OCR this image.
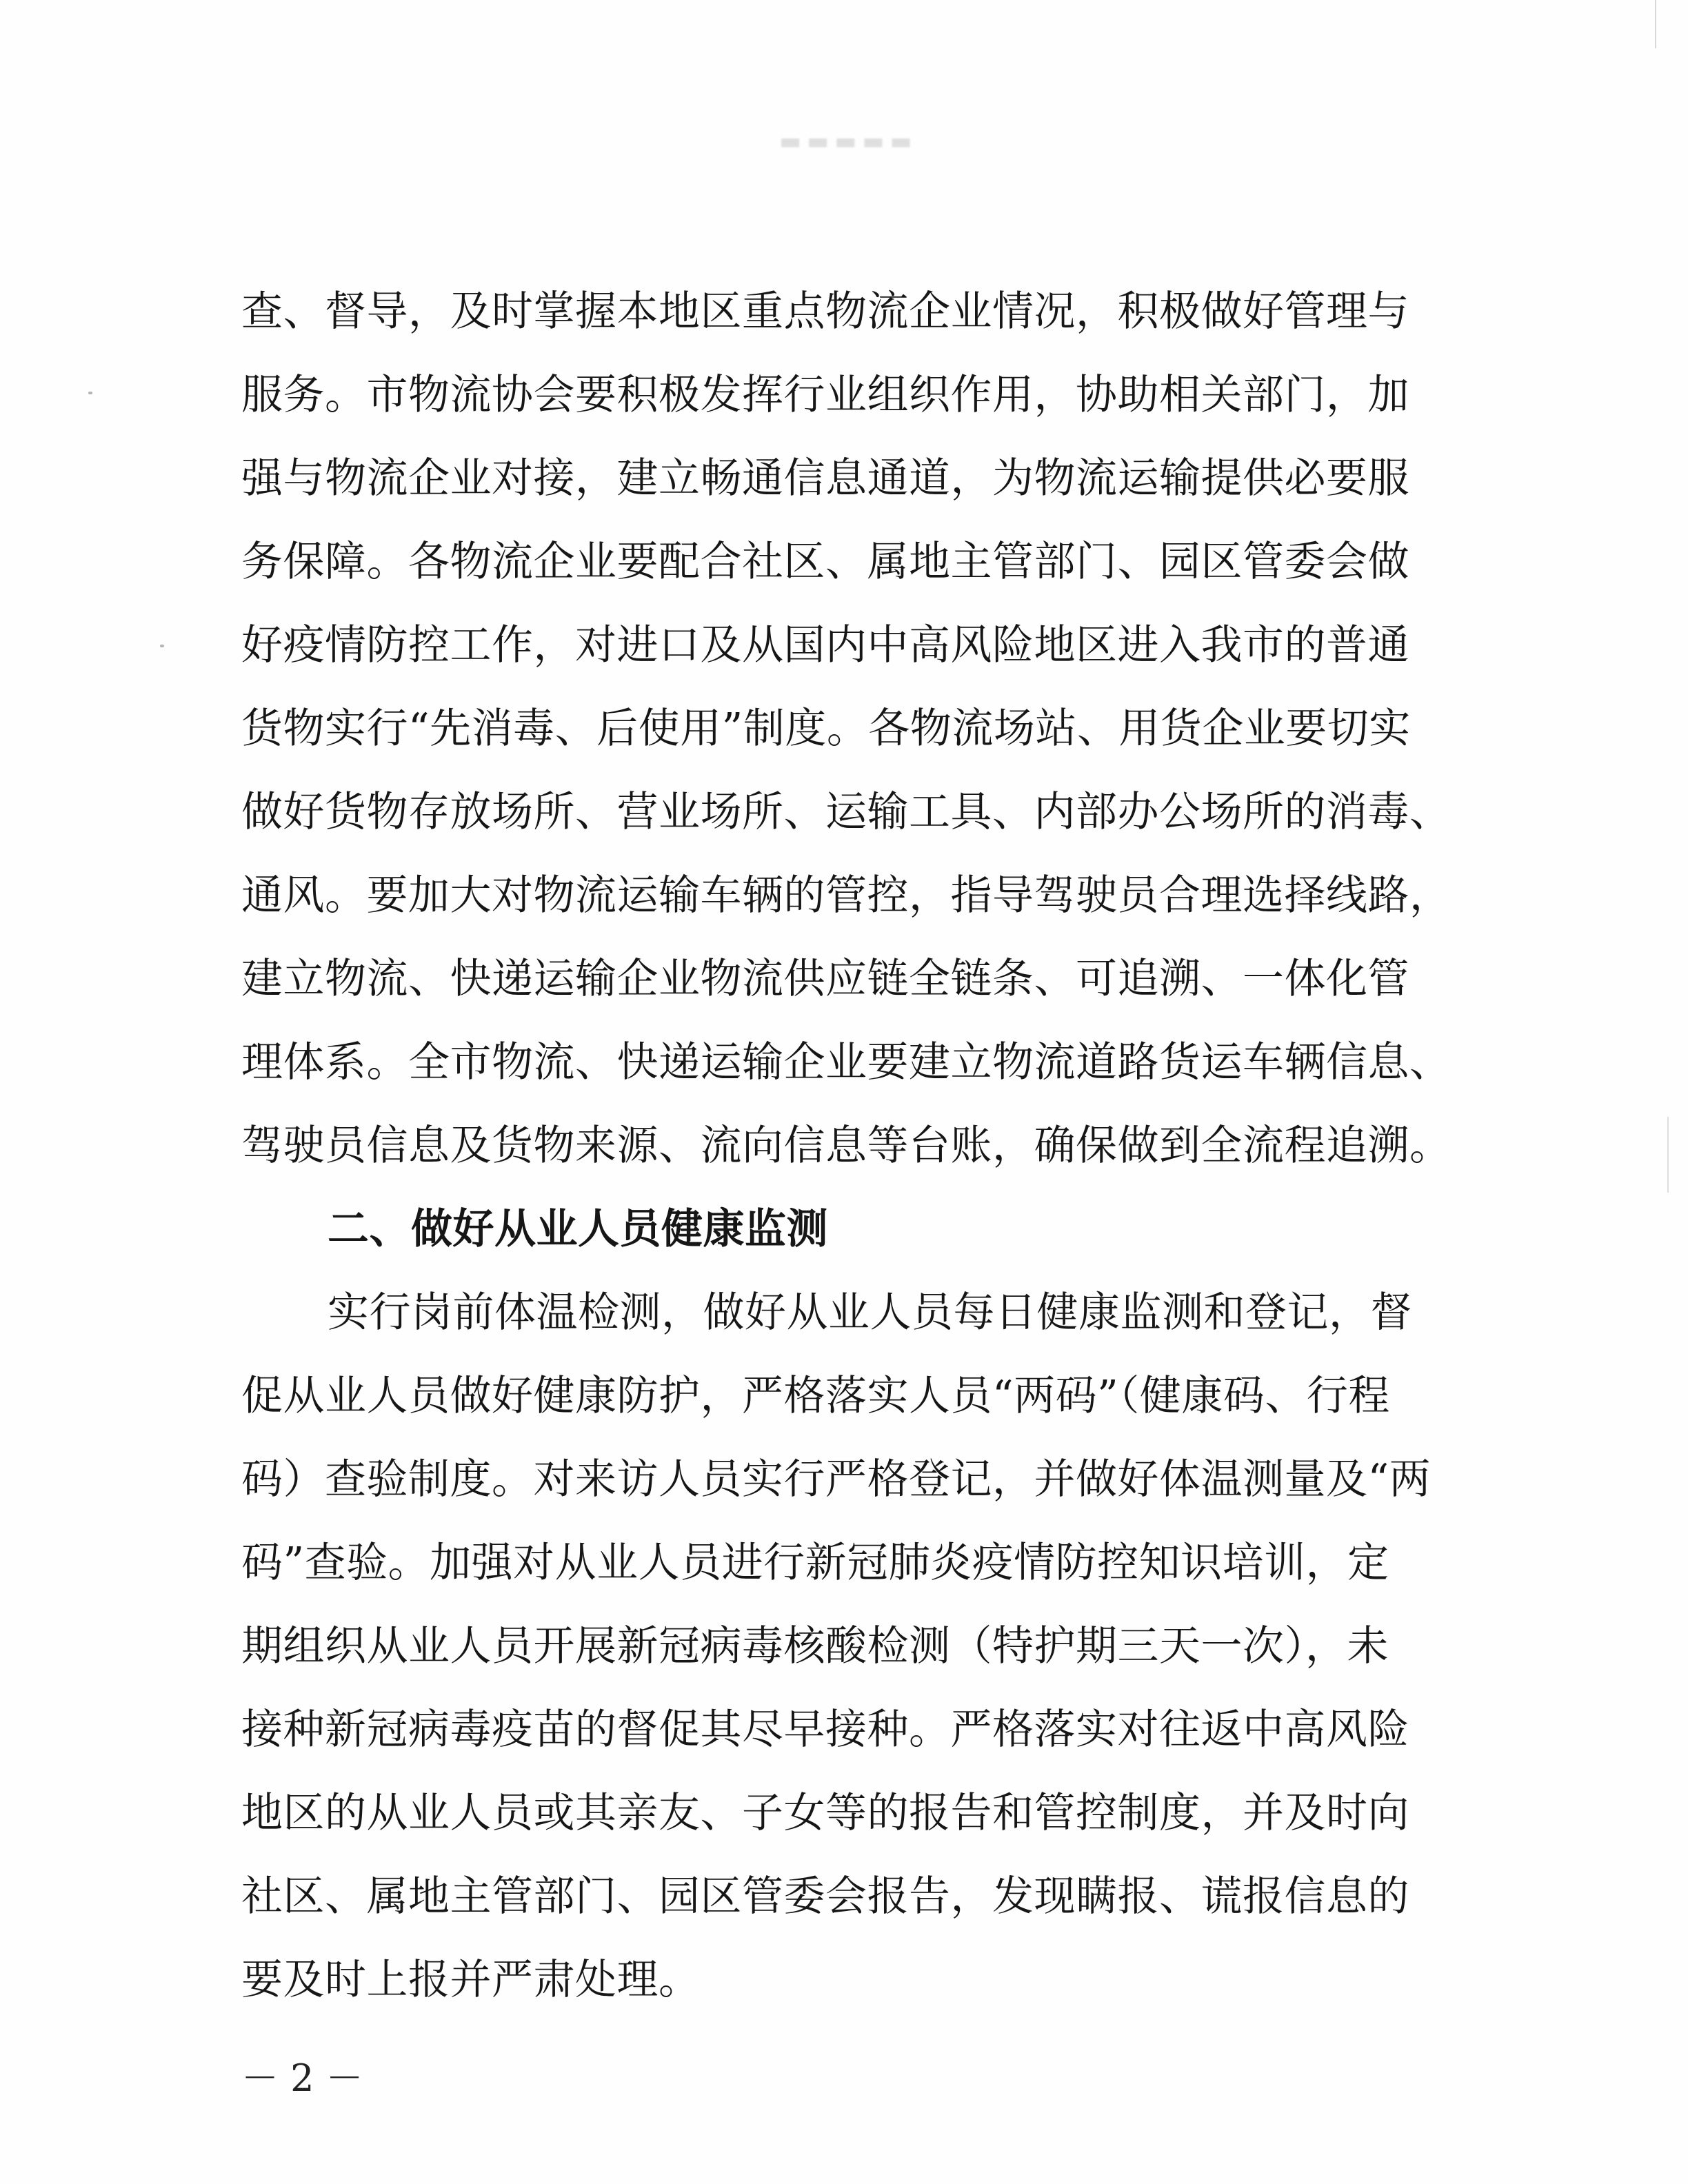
▬▬▬▬▬
查、督导，及时掌握本地区重点物流企业情况，积极做好管理与
服务。市物流协会要积极发挥行业组织作用，协助相关部门，加
强与物流企业对接，建立畅通信息通道，为物流运输提供必要服
务保障。各物流企业要配合社区、属地主管部门、园区管委会做
好疫情防控工作，对进口及从国内中高风险地区进入我市的普通
货物实行“先消毒、后使用”制度。各物流场站、用货企业要切实
做好货物存放场所、营业场所、运输工具、内部办公场所的消毒、
通风。要加大对物流运输车辆的管控，指导驾驶员合理选择线路，
建立物流、快递运输企业物流供应链全链条、可追溯、一体化管
理体系。全市物流、快递运输企业要建立物流道路货运车辆信息、
驾驶员信息及货物来源、流向信息等台账，确保做到全流程追溯。
二、做好从业人员健康监测
实行岗前体温检测，做好从业人员每日健康监测和登记，督
促从业人员做好健康防护，严格落实人员“两码”（健康码、行程
码）查验制度。对来访人员实行严格登记，并做好体温测量及“两
码”查验。加强对从业人员进行新冠肺炎疫情防控知识培训，定
期组织从业人员开展新冠病毒核酸检测（特护期三天一次），未
接种新冠病毒疫苗的督促其尽早接种。严格落实对往返中高风险
地区的从业人员或其亲友、子女等的报告和管控制度，并及时向
社区、属地主管部门、园区管委会报告，发现瞒报、谎报信息的
要及时上报并严肃处理。
－ 2 －
